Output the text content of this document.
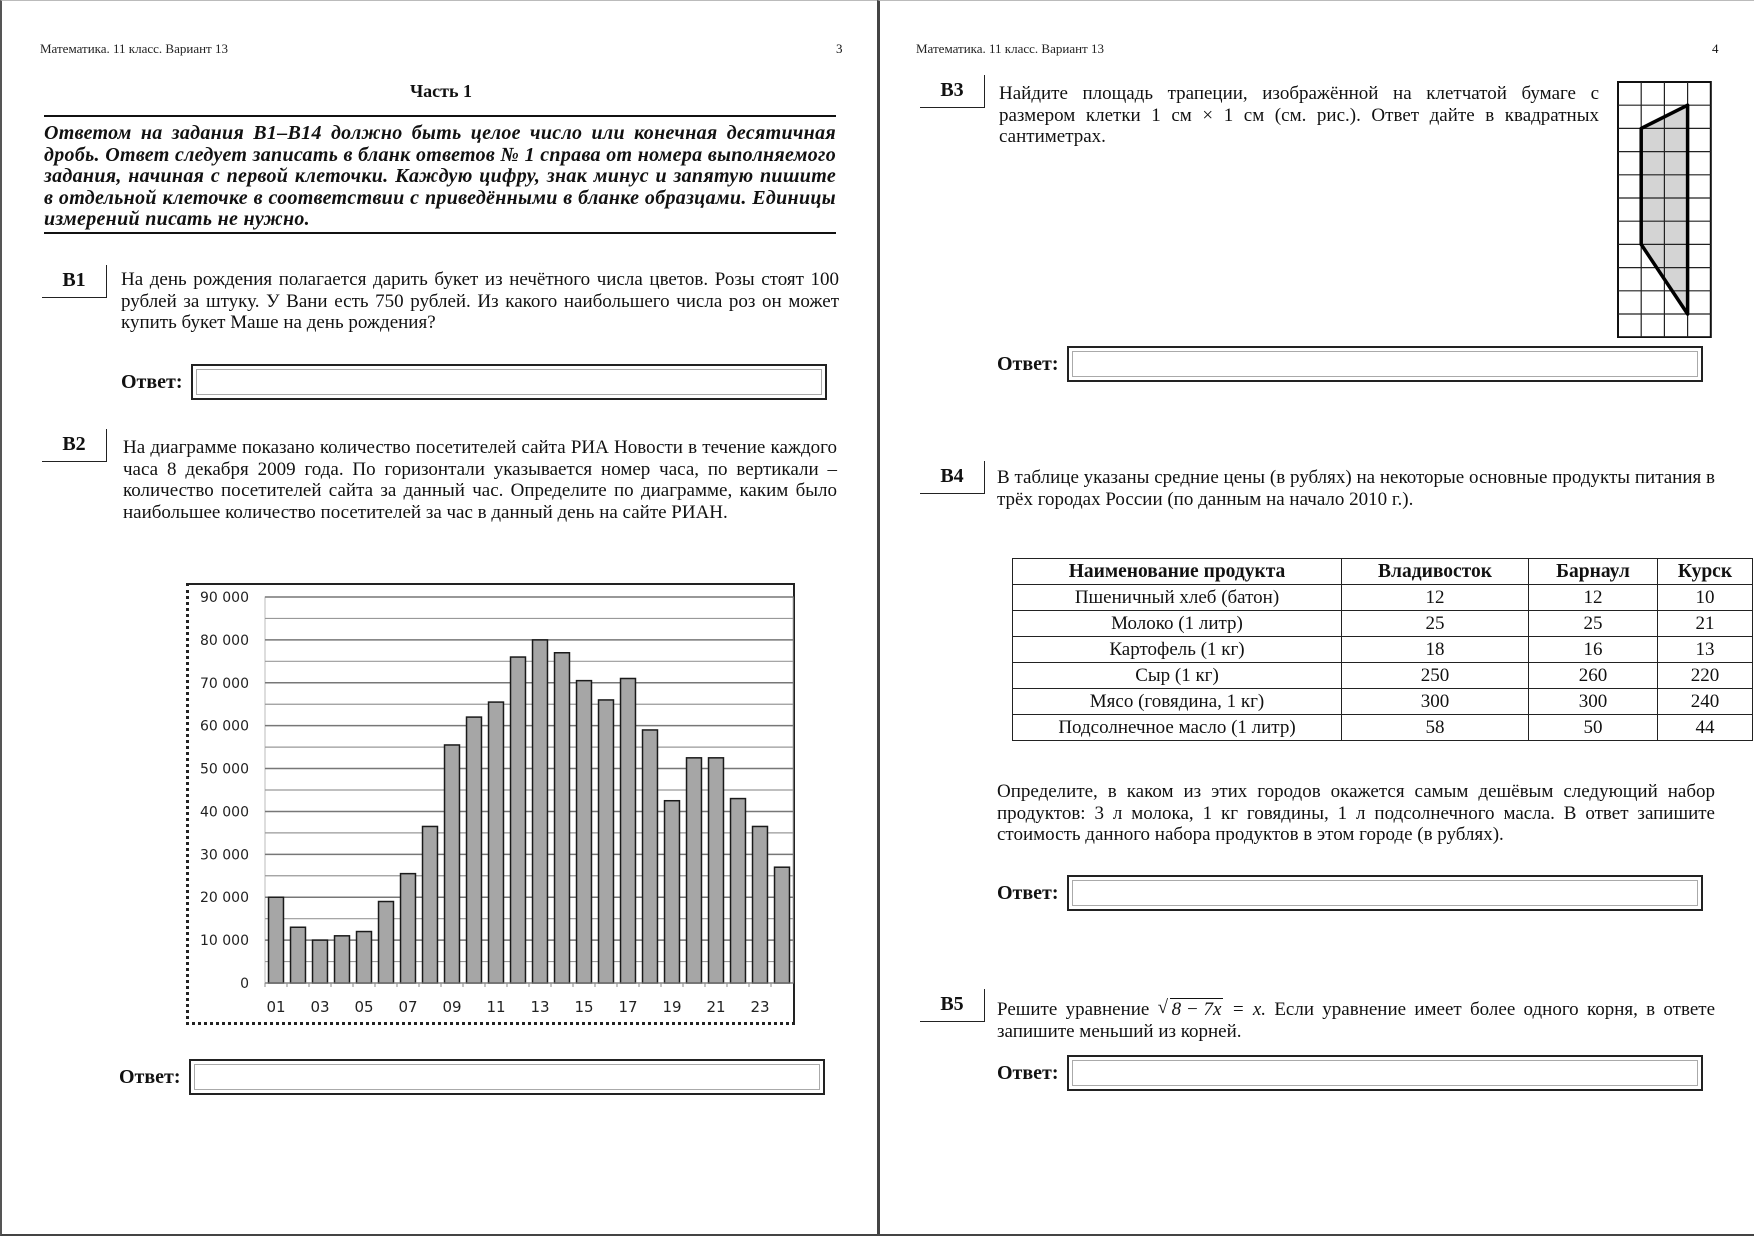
Математика. 11 класс. Вариант 13	3
Часть 1
Ответом на задания В1–В14 должно быть целое число или конечная десятичная дробь. Ответ следует записать в бланк ответов № 1 справа от номера выполняемого задания, начиная с первой клеточки. Каждую цифру, знак минус и запятую пишите в отдельной клеточке в соответствии с приведёнными в бланке образцами. Единицы измерений писать не нужно.
B1	На день рождения полагается дарить букет из нечётного числа цветов. Розы стоят 100 рублей за штуку. У Вани есть 750 рублей. Из какого наибольшего числа роз он может купить букет Маше на день рождения?
Ответ:
B2	На диаграмме показано количество посетителей сайта РИА Новости в течение каждого часа 8 декабря 2009 года. По горизонтали указывается номер часа, по вертикали – количество посетителей сайта за данный час. Определите по диаграмме, каким было наибольшее количество посетителей за час в данный день на сайте РИАН.
0
10 000
20 000
30 000
40 000
50 000
60 000
70 000
80 000
90 000
01 03 05 07 09 11 13 15 17 19 21 23
Ответ:
Математика. 11 класс. Вариант 13	4
B3	Найдите площадь трапеции, изображённой на клетчатой бумаге с размером клетки 1 см × 1 см (см. рис.). Ответ дайте в квадратных сантиметрах.
Ответ:
B4	В таблице указаны средние цены (в рублях) на некоторые основные продукты питания в трёх городах России (по данным на начало 2010 г.).
Определите, в каком из этих городов окажется самым дешёвым следующий набор продуктов: 3 л молока, 1 кг говядины, 1 л подсолнечного масла. В ответ запишите стоимость данного набора продуктов в этом городе (в рублях).
Ответ:
B5	Решите уравнение √ 8 − 7x = x. Если уравнение имеет более одного корня, в ответе запишите меньший из корней.
Ответ:
Наименование продукта	Владивосток	Барнаул	Курск
Пшеничный хлеб (батон)	12	12	10
Молоко (1 литр)	25	25	21
Картофель (1 кг)	18	16	13
Сыр (1 кг)	250	260	220
Мясо (говядина, 1 кг)	300	300	240
Подсолнечное масло (1 литр)	58	50	44
